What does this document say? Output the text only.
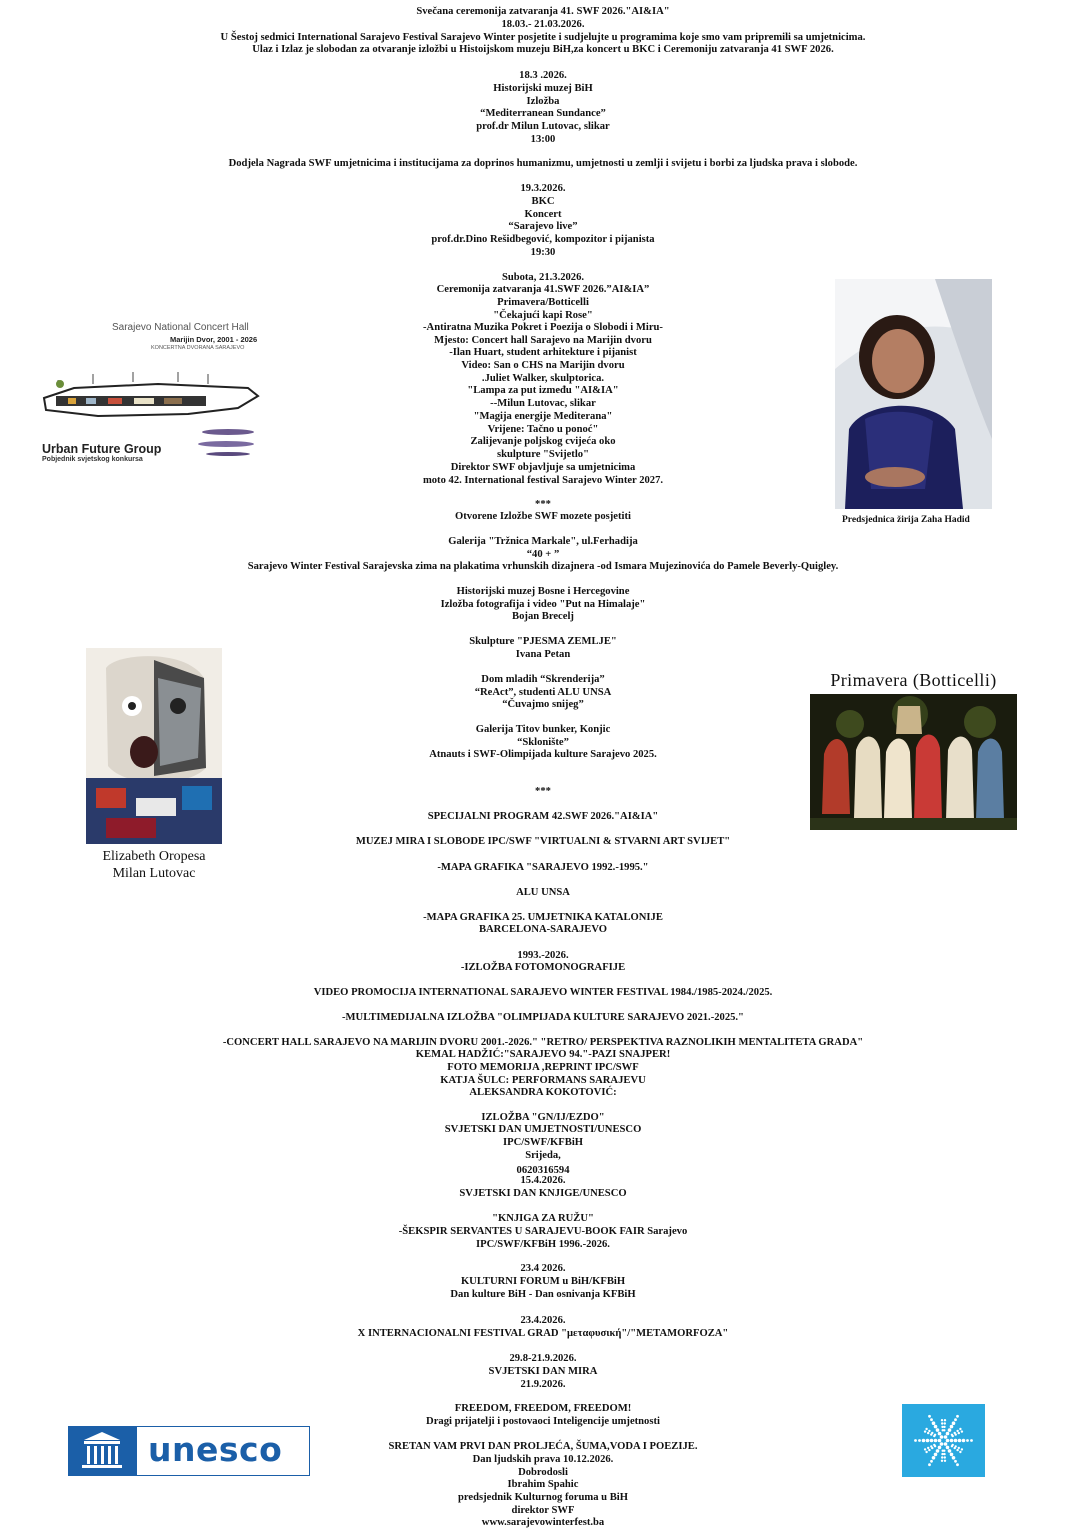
Svečana ceremonija zatvaranja 41. SWF 2026."AI&IA"
18.03.- 21.03.2026.
U Šestoj sedmici International Sarajevo Festival Sarajevo Winter posjetite i sudjelujte u programima koje smo vam pripremili sa umjetnicima.
Ulaz i Izlaz je slobodan za otvaranje izložbi u Histoijskom muzeju BiH,za koncert u BKC i Ceremoniju zatvaranja 41 SWF 2026.
18.3 .2026.
Historijski muzej BiH
Izložba
“Mediterranean Sundance”
prof.dr Milun Lutovac, slikar
13:00
Dodjela Nagrada SWF umjetnicima i institucijama za doprinos humanizmu, umjetnosti u zemlji i svijetu i borbi za ljudska prava i slobode.
19.3.2026.
BKC
Koncert
“Sarajevo live”
prof.dr.Dino Rešidbegović, kompozitor i pijanista
19:30
Subota, 21.3.2026.
Ceremonija zatvaranja 41.SWF 2026.”AI&IA”
Primavera/Botticelli
"Čekajući kapi Rose"
-Antiratna Muzika Pokret i Poezija o Slobodi i Miru-
Mjesto: Concert hall Sarajevo na Marijin dvoru
-Ilan Huart, student arhitekture i pijanist
Video: San o CHS na Marijin dvoru
.Juliet Walker, skulptorica.
"Lampa za put između "AI&IA"
--Milun Lutovac, slikar
"Magija energije Mediterana"
Vrijene: Tačno u ponoć"
Zalijevanje poljskog cvijeća oko
skulpture "Svijetlo"
Direktor SWF objavljuje sa umjetnicima
moto 42. International festival Sarajevo Winter 2027.
***
Otvorene Izložbe SWF mozete posjetiti
Galerija "Tržnica Markale", ul.Ferhadija
“40 + ”
Sarajevo Winter Festival Sarajevska zima na plakatima vrhunskih dizajnera -od Ismara Mujezinovića do Pamele Beverly-Quigley.
Historijski muzej Bosne i Hercegovine
Izložba fotografija i video "Put na Himalaje"
Bojan Brecelj
Skulpture "PJESMA ZEMLJE"
Ivana Petan
Dom mladih “Skrenderija”
“ReAct”, studenti ALU UNSA
“Čuvajmo snijeg”
Galerija Titov bunker, Konjic
“Sklonište”
Atnauts i SWF-Olimpijada kulture Sarajevo 2025.
***
SPECIJALNI PROGRAM 42.SWF 2026."AI&IA"
MUZEJ MIRA I SLOBODE IPC/SWF "VIRTUALNI & STVARNI ART SVIJET"
-MAPA GRAFIKA "SARAJEVO 1992.-1995."
ALU UNSA
-MAPA GRAFIKA 25. UMJETNIKA KATALONIJE
BARCELONA-SARAJEVO
1993.-2026.
-IZLOŽBA FOTOMONOGRAFIJE
VIDEO PROMOCIJA INTERNATIONAL SARAJEVO WINTER FESTIVAL 1984./1985-2024./2025.
-MULTIMEDIJALNA IZLOŽBA "OLIMPIJADA KULTURE SARAJEVO 2021.-2025."
-CONCERT HALL SARAJEVO NA MARIJIN DVORU 2001.-2026." "RETRO/ PERSPEKTIVA RAZNOLIKIH MENTALITETA GRADA"
KEMAL HADŽIĆ:"SARAJEVO 94."-PAZI SNAJPER!
FOTO MEMORIJA ,REPRINT IPC/SWF
KATJA ŠULC: PERFORMANS SARAJEVU
ALEKSANDRA KOKOTOVIĆ:
IZLOŽBA "GN/IJ/EZDO"
SVJETSKI DAN UMJETNOSTI/UNESCO
IPC/SWF/KFBiH
Srijeda,
15.4.2026.
SVJETSKI DAN KNJIGE/UNESCO
"KNJIGA ZA RUŽU"
-ŠEKSPIR SERVANTES U SARAJEVU-BOOK FAIR Sarajevo
IPC/SWF/KFBiH 1996.-2026.
23.4 2026.
KULTURNI FORUM u BiH/KFBiH
Dan kulture BiH - Dan osnivanja KFBiH
23.4.2026.
X INTERNACIONALNI FESTIVAL GRAD "μεταφυσική"/"METAMORFOZA"
29.8-21.9.2026.
SVJETSKI DAN MIRA
21.9.2026.
FREEDOM, FREEDOM, FREEDOM!
Dragi prijatelji i postovaoci Inteligencije umjetnosti
SRETAN VAM PRVI DAN PROLJEĆA, ŠUMA,VODA I POEZIJE.
Dan ljudskih prava 10.12.2026.
Dobrodosli
Ibrahim Spahic
predsjednik Kulturnog foruma u BiH
direktor SWF
www.sarajevowinterfest.ba
0620316594
Sarajevo National Concert Hall
Marijin Dvor, 2001 - 2026
KONCERTNA DVORANA SARAJEVO
Urban Future Group
Pobjednik svjetskog konkursa
Predsjednica žirija Zaha Hadid
Elizabeth Oropesa
Milan Lutovac
Primavera (Botticelli)
unesco
